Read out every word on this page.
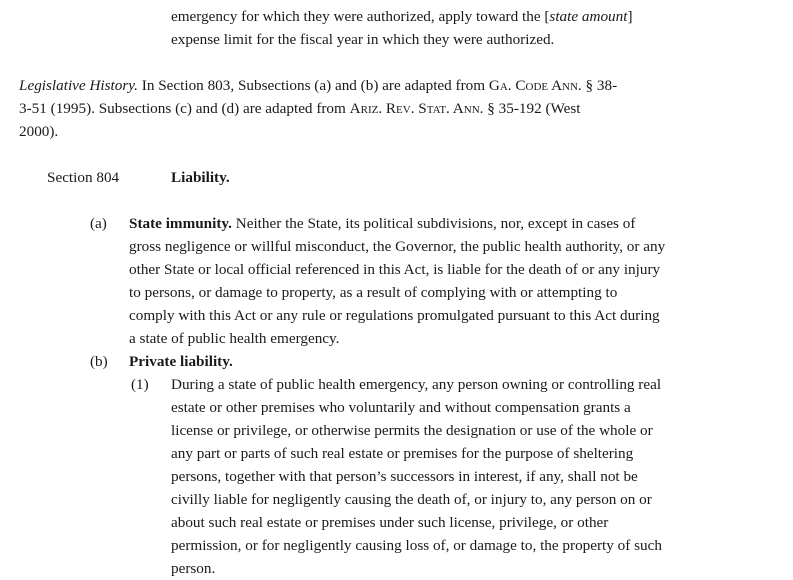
emergency for which they were authorized, apply toward the [state amount]
expense limit for the fiscal year in which they were authorized.
Legislative History. In Section 803, Subsections (a) and (b) are adapted from Ga. Code Ann. § 38-
3-51 (1995). Subsections (c) and (d) are adapted from Ariz. Rev. Stat. Ann. § 35-192 (West
2000).
Section 804	Liability.
(a) State immunity. Neither the State, its political subdivisions, nor, except in cases of
gross negligence or willful misconduct, the Governor, the public health authority, or any
other State or local official referenced in this Act, is liable for the death of or any injury
to persons, or damage to property, as a result of complying with or attempting to
comply with this Act or any rule or regulations promulgated pursuant to this Act during
a state of public health emergency.
(b) Private liability.
(1) During a state of public health emergency, any person owning or controlling real
estate or other premises who voluntarily and without compensation grants a
license or privilege, or otherwise permits the designation or use of the whole or
any part or parts of such real estate or premises for the purpose of sheltering
persons, together with that person’s successors in interest, if any, shall not be
civilly liable for negligently causing the death of, or injury to, any person on or
about such real estate or premises under such license, privilege, or other
permission, or for negligently causing loss of, or damage to, the property of such
person.
